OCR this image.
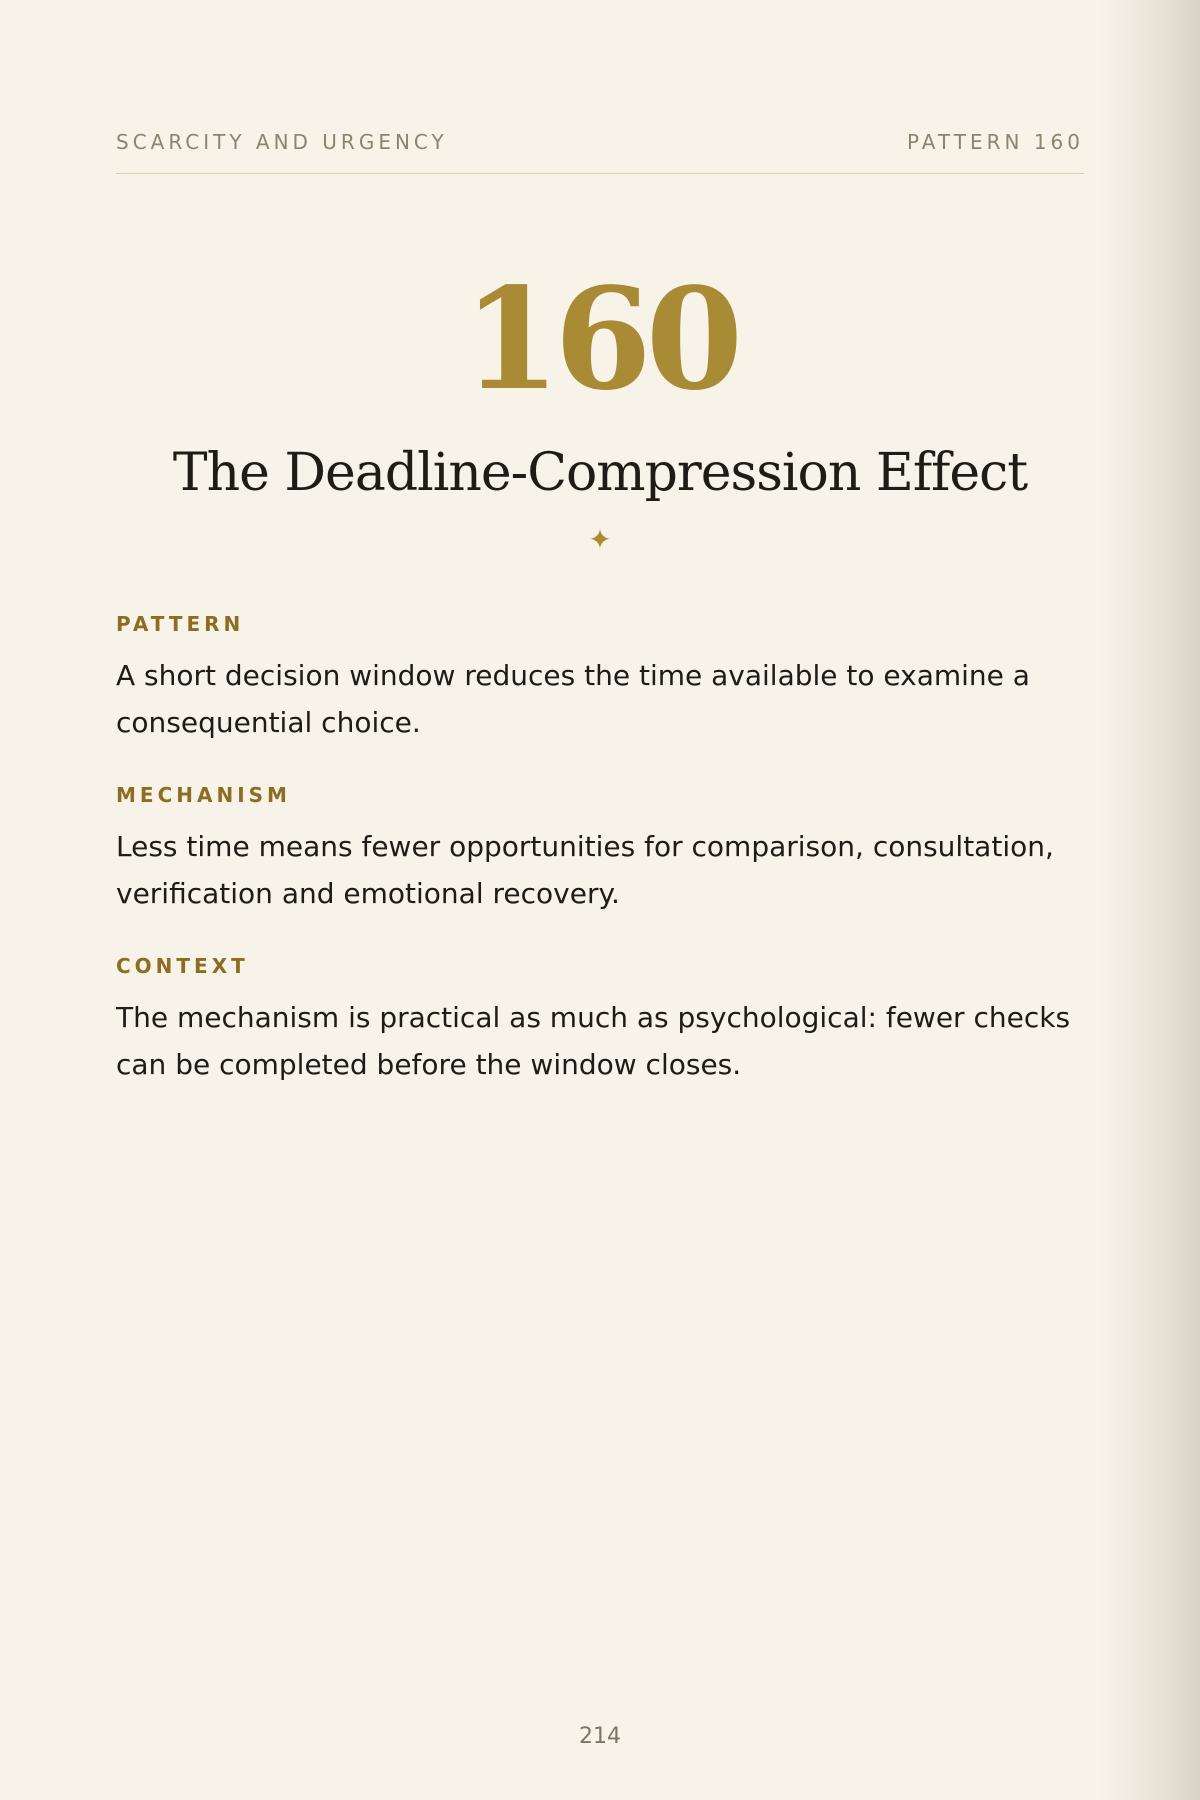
SCARCITY AND URGENCY	PATTERN 160
160
The Deadline-Compression Effect
✦

PATTERN

A short decision window reduces the time available to examine a consequential choice.

MECHANISM

Less time means fewer opportunities for comparison, consultation, verification and emotional recovery.

CONTEXT

The mechanism is practical as much as psychological: fewer checks can be completed before the window closes.

214
